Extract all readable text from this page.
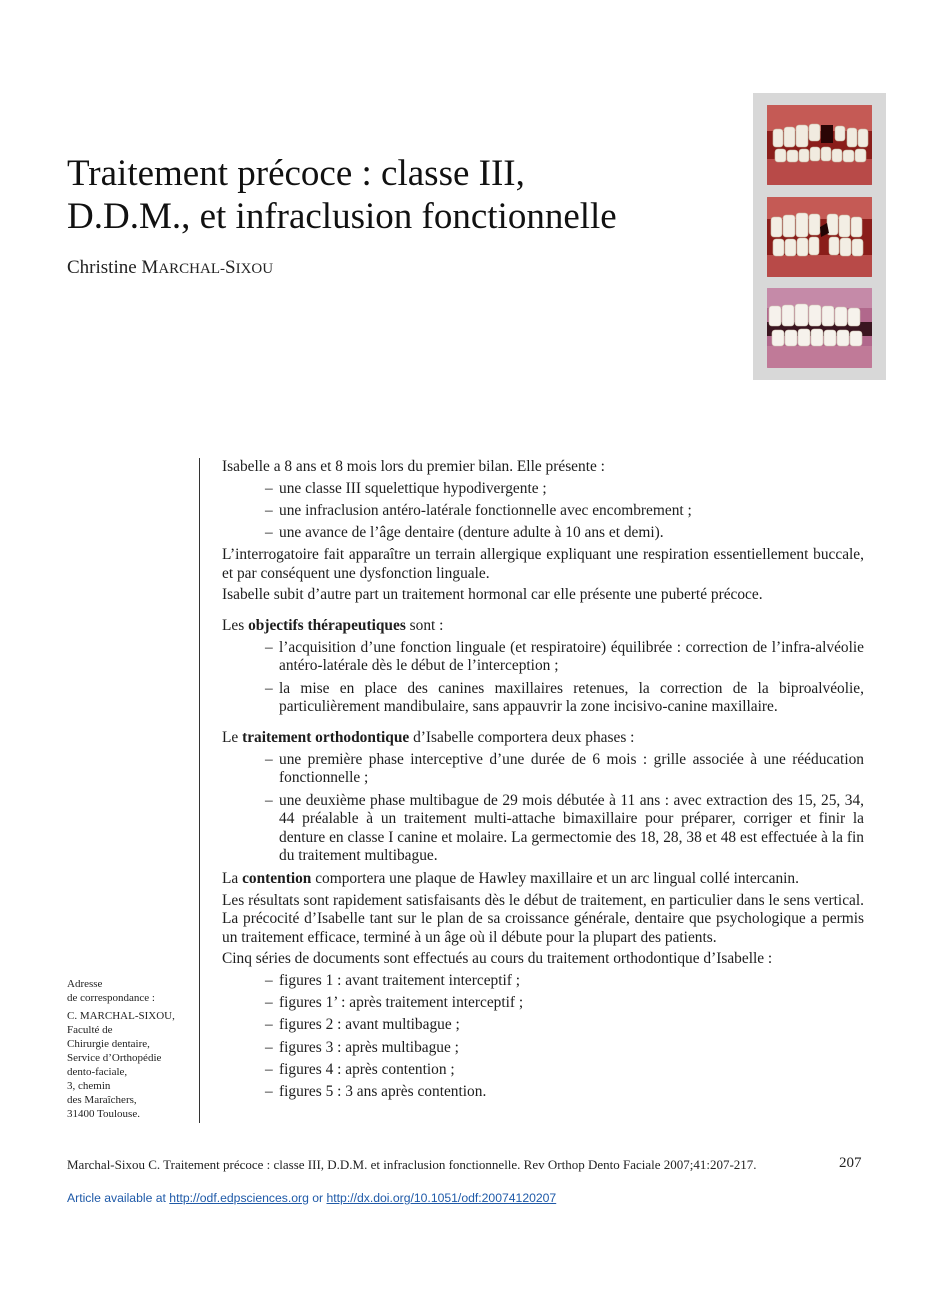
Traitement précoce : classe III,
D.D.M., et infraclusion fonctionnelle
Christine MARCHAL-SIXOU

Isabelle a 8 ans et 8 mois lors du premier bilan. Elle présente :

– une classe III squelettique hypodivergente ;
– une infraclusion antéro-latérale fonctionnelle avec encombrement ;
– une avance de l’âge dentaire (denture adulte à 10 ans et demi).

L’interrogatoire fait apparaître un terrain allergique expliquant une respiration essentiellement buccale, et par conséquent une dysfonction linguale.

Isabelle subit d’autre part un traitement hormonal car elle présente une puberté précoce.

Les objectifs thérapeutiques sont :

– l’acquisition d’une fonction linguale (et respiratoire) équilibrée : correction de l’infra-alvéolie antéro-latérale dès le début de l’interception ;
– la mise en place des canines maxillaires retenues, la correction de la biproalvéolie, particulièrement mandibulaire, sans appauvrir la zone incisivo-canine maxillaire.

Le traitement orthodontique d’Isabelle comportera deux phases :

– une première phase interceptive d’une durée de 6 mois : grille associée à une rééducation fonctionnelle ;
– une deuxième phase multibague de 29 mois débutée à 11 ans : avec extraction des 15, 25, 34, 44 préalable à un traitement multi-attache bimaxillaire pour préparer, corriger et finir la denture en classe I canine et molaire. La germectomie des 18, 28, 38 et 48 est effectuée à la fin du traitement multibague.

La contention comportera une plaque de Hawley maxillaire et un arc lingual collé intercanin.

Les résultats sont rapidement satisfaisants dès le début de traitement, en particulier dans le sens vertical. La précocité d’Isabelle tant sur le plan de sa croissance générale, dentaire que psychologique a permis un traitement efficace, terminé à un âge où il débute pour la plupart des patients.

Cinq séries de documents sont effectués au cours du traitement orthodontique d’Isabelle :

– figures 1 : avant traitement interceptif ;
– figures 1’ : après traitement interceptif ;
– figures 2 : avant multibague ;
– figures 3 : après multibague ;
– figures 4 : après contention ;
– figures 5 : 3 ans après contention.
Adresse
de correspondance :
C. MARCHAL-SIXOU,
Faculté de
Chirurgie dentaire,
Service d’Orthopédie
dento-faciale,
3, chemin
des Maraîchers,
31400 Toulouse.
Marchal-Sixou C. Traitement précoce : classe III, D.D.M. et infraclusion fonctionnelle. Rev Orthop Dento Faciale 2007;41:207-217.	207
Article available at http://odf.edpsciences.org or http://dx.doi.org/10.1051/odf:20074120207
